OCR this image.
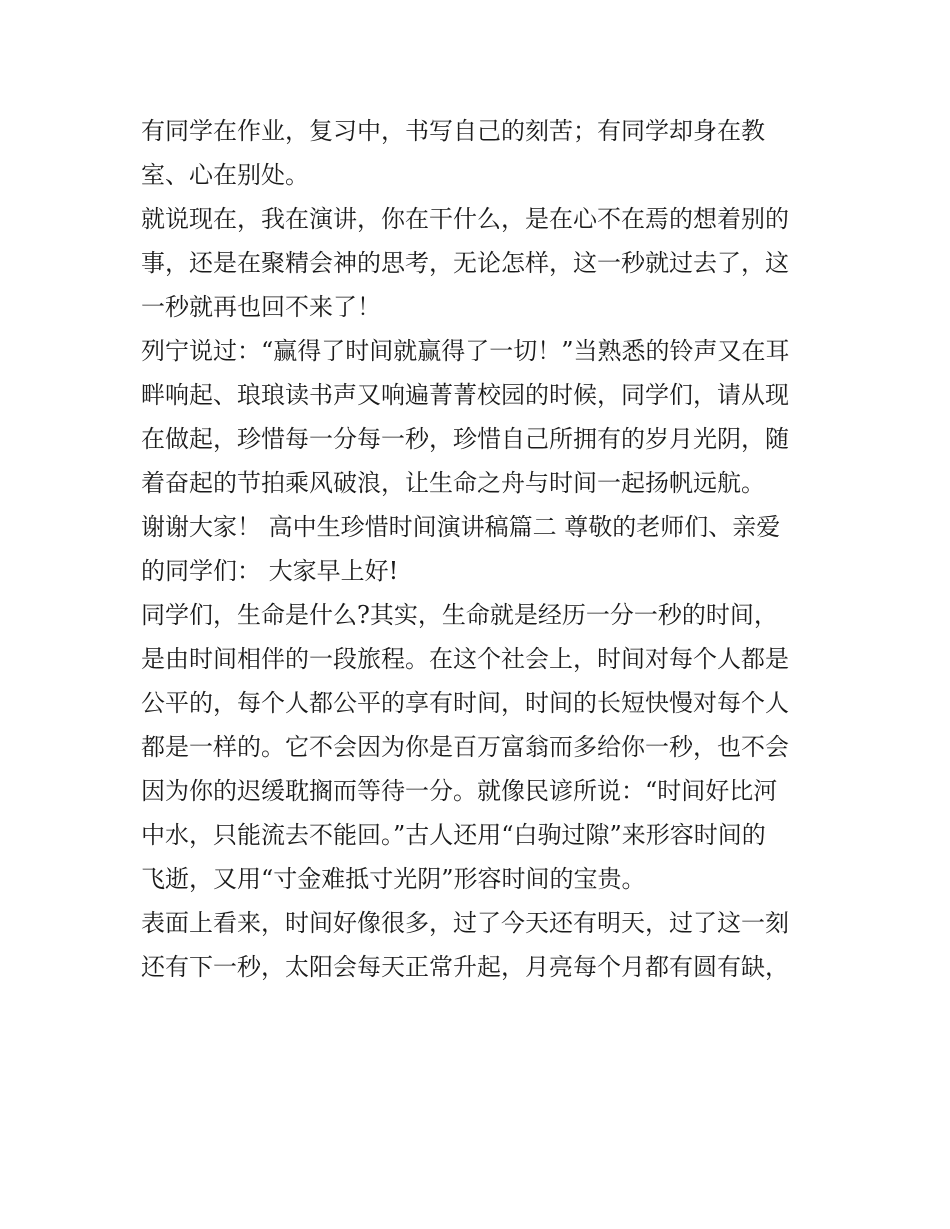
有同学在作业，复习中，书写自己的刻苦；有同学却身在教
室、心在别处。
就说现在，我在演讲，你在干什么，是在心不在焉的想着别的
事，还是在聚精会神的思考，无论怎样，这一秒就过去了，这
一秒就再也回不来了！
列宁说过：“赢得了时间就赢得了一切！”当熟悉的铃声又在耳
畔响起、琅琅读书声又响遍菁菁校园的时候，同学们，请从现
在做起，珍惜每一分每一秒，珍惜自己所拥有的岁月光阴，随
着奋起的节拍乘风破浪，让生命之舟与时间一起扬帆远航。
谢谢大家！ 高中生珍惜时间演讲稿篇二 尊敬的老师们、亲爱
的同学们： 大家早上好!
同学们，生命是什么?其实，生命就是经历一分一秒的时间，
是由时间相伴的一段旅程。在这个社会上，时间对每个人都是
公平的，每个人都公平的享有时间，时间的长短快慢对每个人
都是一样的。它不会因为你是百万富翁而多给你一秒，也不会
因为你的迟缓耽搁而等待一分。就像民谚所说：“时间好比河
中水，只能流去不能回。”古人还用“白驹过隙”来形容时间的
飞逝，又用“寸金难抵寸光阴”形容时间的宝贵。
表面上看来，时间好像很多，过了今天还有明天，过了这一刻
还有下一秒，太阳会每天正常升起，月亮每个月都有圆有缺，
